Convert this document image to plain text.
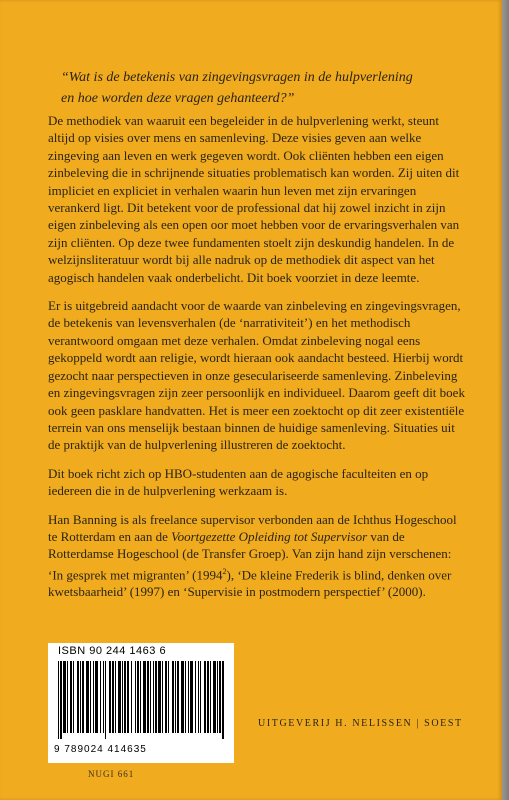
“Wat is de betekenis van zingevingsvragen in de hulpverlening
en hoe worden deze vragen gehanteerd?”

De methodiek van waaruit een begeleider in de hulpverlening werkt, steunt altijd op visies over mens en samenleving. Deze visies geven aan welke zingeving aan leven en werk gegeven wordt. Ook cliënten hebben een eigen zinbeleving die in schrijnende situaties problematisch kan worden. Zij uiten dit impliciet en expliciet in verhalen waarin hun leven met zijn ervaringen verankerd ligt. Dit betekent voor de professional dat hij zowel inzicht in zijn eigen zinbeleving als een open oor moet hebben voor de ervaringsverhalen van zijn cliënten. Op deze twee fundamenten stoelt zijn deskundig handelen. In de welzijnsliteratuur wordt bij alle nadruk op de methodiek dit aspect van het agogisch handelen vaak onderbelicht. Dit boek voorziet in deze leemte.

Er is uitgebreid aandacht voor de waarde van zinbeleving en zingevingsvragen, de betekenis van levensverhalen (de ‘narrativiteit’) en het methodisch verantwoord omgaan met deze verhalen. Omdat zinbeleving nogal eens gekoppeld wordt aan religie, wordt hieraan ook aandacht besteed. Hierbij wordt gezocht naar perspectieven in onze geseculariseerde samenleving. Zinbeleving en zingevingsvragen zijn zeer persoonlijk en individueel. Daarom geeft dit boek ook geen pasklare handvatten. Het is meer een zoektocht op dit zeer existentiële terrein van ons menselijk bestaan binnen de huidige samenleving. Situaties uit de praktijk van de hulpverlening illustreren de zoektocht.

Dit boek richt zich op HBO-studenten aan de agogische faculteiten en op iedereen die in de hulpverlening werkzaam is.

Han Banning is als freelance supervisor verbonden aan de Ichthus Hogeschool te Rotterdam en aan de Voortgezette Opleiding tot Supervisor van de Rotterdamse Hogeschool (de Transfer Groep). Van zijn hand zijn verschenen: ‘In gesprek met migranten’ (1994$^2$), ‘De kleine Frederik is blind, denken over kwetsbaarheid’ (1997) en ‘Supervisie in postmodern perspectief’ (2000).

ISBN 90 244 1463 6
9 789024 414635
UITGEVERIJ H. NELISSEN | SOEST
NUGI 661
